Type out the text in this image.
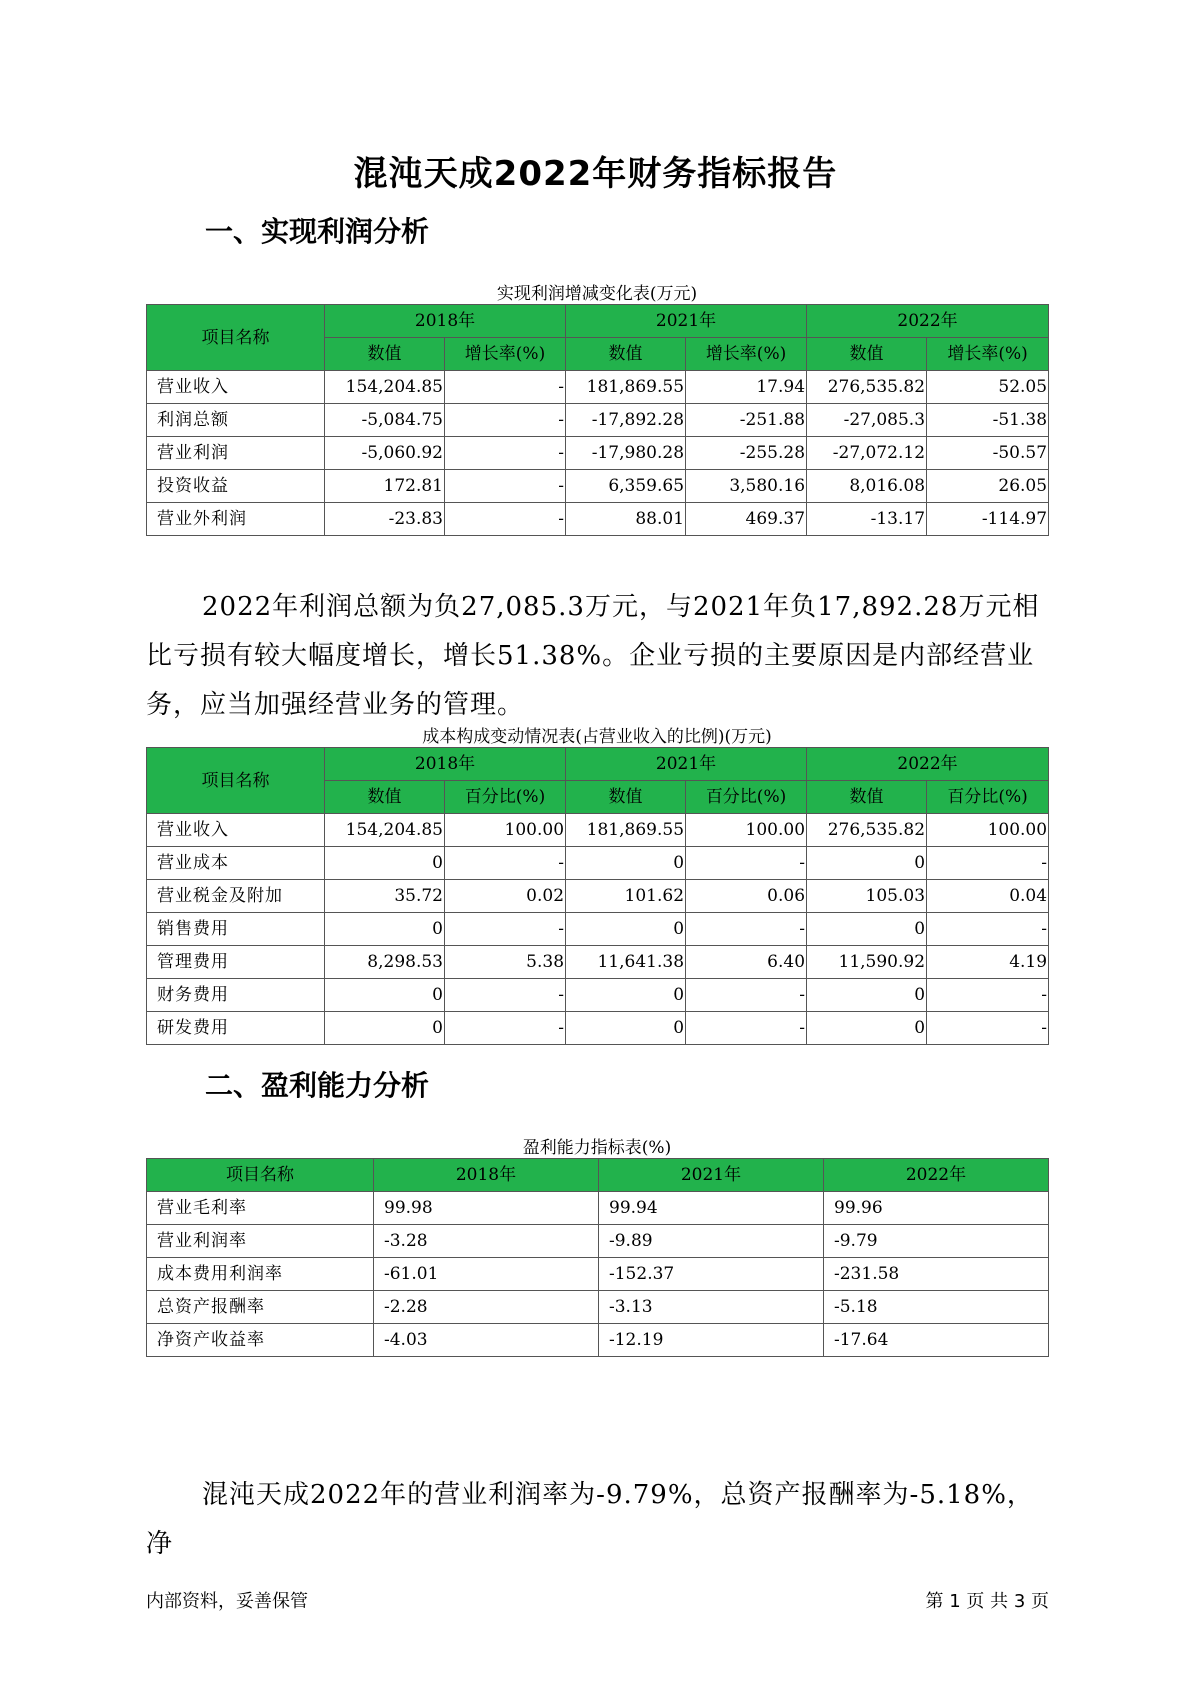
混沌天成2022年财务指标报告
一、实现利润分析
实现利润增减变化表(万元)
项目名称	2018年		2021年		2022年	
	数值	增长率(%)	数值	增长率(%)	数值	增长率(%)
营业收入	154,204.85	-	181,869.55	17.94	276,535.82	52.05
利润总额	-5,084.75	-	-17,892.28	-251.88	-27,085.3	-51.38
营业利润	-5,060.92	-	-17,980.28	-255.28	-27,072.12	-50.57
投资收益	172.81	-	6,359.65	3,580.16	8,016.08	26.05
营业外利润	-23.83	-	88.01	469.37	-13.17	-114.97
2022年利润总额为负27,085.3万元，与2021年负17,892.28万元相比亏损有较大幅度增长，增长51.38%。企业亏损的主要原因是内部经营业务，应当加强经营业务的管理。
成本构成变动情况表(占营业收入的比例)(万元)
项目名称	2018年		2021年		2022年	
	数值	百分比(%)	数值	百分比(%)	数值	百分比(%)
营业收入	154,204.85	100.00	181,869.55	100.00	276,535.82	100.00
营业成本	0	-	0	-	0	-
营业税金及附加	35.72	0.02	101.62	0.06	105.03	0.04
销售费用	0	-	0	-	0	-
管理费用	8,298.53	5.38	11,641.38	6.40	11,590.92	4.19
财务费用	0	-	0	-	0	-
研发费用	0	-	0	-	0	-
二、盈利能力分析
盈利能力指标表(%)
项目名称	2018年	2021年	2022年
营业毛利率	99.98	99.94	99.96
营业利润率	-3.28	-9.89	-9.79
成本费用利润率	-61.01	-152.37	-231.58
总资产报酬率	-2.28	-3.13	-5.18
净资产收益率	-4.03	-12.19	-17.64
混沌天成2022年的营业利润率为-9.79%，总资产报酬率为-5.18%，净
内部资料，妥善保管	第 1 页 共 3 页
